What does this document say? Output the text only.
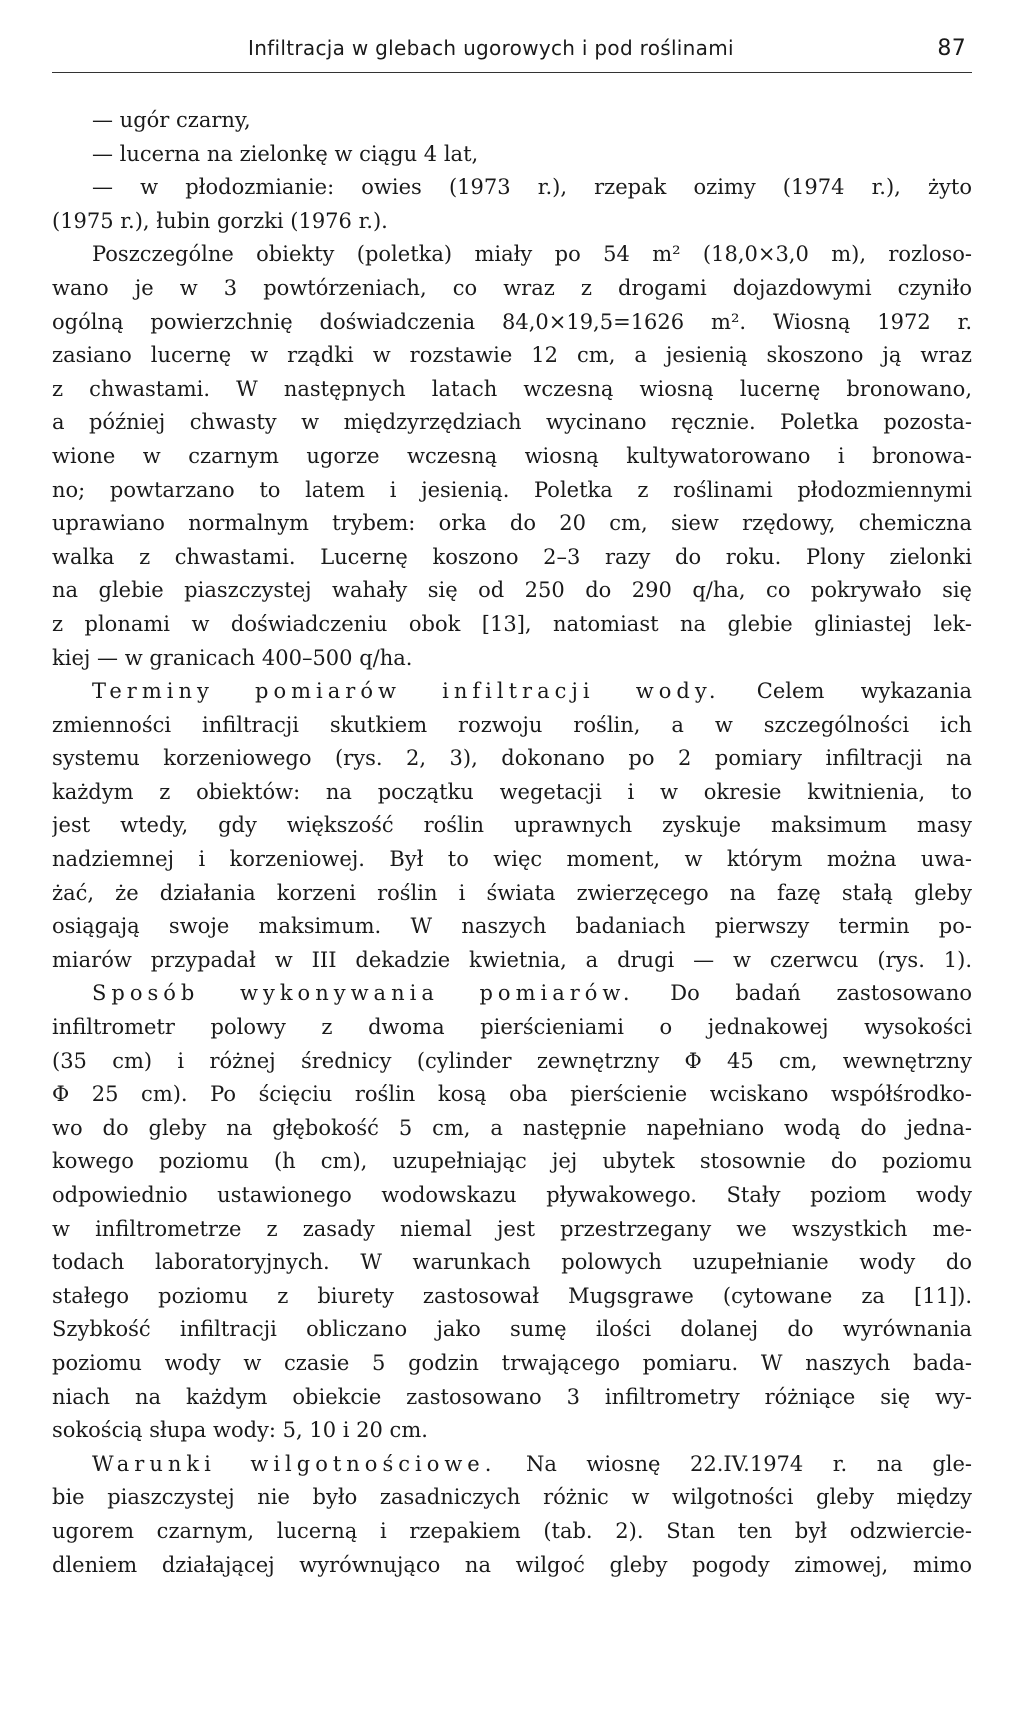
Infiltracja w glebach ugorowych i pod roślinami	87
— ugór czarny,
— lucerna na zielonkę w ciągu 4 lat,
— w płodozmianie: owies (1973 r.), rzepak ozimy (1974 r.), żyto
(1975 r.), łubin gorzki (1976 r.).
Poszczególne obiekty (poletka) miały po 54 m² (18,0×3,0 m), rozloso-
wano je w 3 powtórzeniach, co wraz z drogami dojazdowymi czyniło
ogólną powierzchnię doświadczenia 84,0×19,5=1626 m². Wiosną 1972 r.
zasiano lucernę w rządki w rozstawie 12 cm, a jesienią skoszono ją wraz
z chwastami. W następnych latach wczesną wiosną lucernę bronowano,
a później chwasty w międzyrzędziach wycinano ręcznie. Poletka pozosta-
wione w czarnym ugorze wczesną wiosną kultywatorowano i bronowa-
no; powtarzano to latem i jesienią. Poletka z roślinami płodozmiennymi
uprawiano normalnym trybem: orka do 20 cm, siew rzędowy, chemiczna
walka z chwastami. Lucernę koszono 2–3 razy do roku. Plony zielonki
na glebie piaszczystej wahały się od 250 do 290 q/ha, co pokrywało się
z plonami w doświadczeniu obok [13], natomiast na glebie gliniastej lek-
kiej — w granicach 400–500 q/ha.
Terminy pomiarów infiltracji wody. Celem wykazania
zmienności infiltracji skutkiem rozwoju roślin, a w szczególności ich
systemu korzeniowego (rys. 2, 3), dokonano po 2 pomiary infiltracji na
każdym z obiektów: na początku wegetacji i w okresie kwitnienia, to
jest wtedy, gdy większość roślin uprawnych zyskuje maksimum masy
nadziemnej i korzeniowej. Był to więc moment, w którym można uwa-
żać, że działania korzeni roślin i świata zwierzęcego na fazę stałą gleby
osiągają swoje maksimum. W naszych badaniach pierwszy termin po-
miarów przypadał w III dekadzie kwietnia, a drugi — w czerwcu (rys. 1).
Sposób wykonywania pomiarów. Do badań zastosowano
infiltrometr polowy z dwoma pierścieniami o jednakowej wysokości
(35 cm) i różnej średnicy (cylinder zewnętrzny Φ 45 cm, wewnętrzny
Φ 25 cm). Po ścięciu roślin kosą oba pierścienie wciskano współśrodko-
wo do gleby na głębokość 5 cm, a następnie napełniano wodą do jedna-
kowego poziomu (h cm), uzupełniając jej ubytek stosownie do poziomu
odpowiednio ustawionego wodowskazu pływakowego. Stały poziom wody
w infiltrometrze z zasady niemal jest przestrzegany we wszystkich me-
todach laboratoryjnych. W warunkach polowych uzupełnianie wody do
stałego poziomu z biurety zastosował Mugsgrawe (cytowane za [11]).
Szybkość infiltracji obliczano jako sumę ilości dolanej do wyrównania
poziomu wody w czasie 5 godzin trwającego pomiaru. W naszych bada-
niach na każdym obiekcie zastosowano 3 infiltrometry różniące się wy-
sokością słupa wody: 5, 10 i 20 cm.
Warunki wilgotnościowe. Na wiosnę 22.IV.1974 r. na gle-
bie piaszczystej nie było zasadniczych różnic w wilgotności gleby między
ugorem czarnym, lucerną i rzepakiem (tab. 2). Stan ten był odzwiercie-
dleniem działającej wyrównująco na wilgoć gleby pogody zimowej, mimo
